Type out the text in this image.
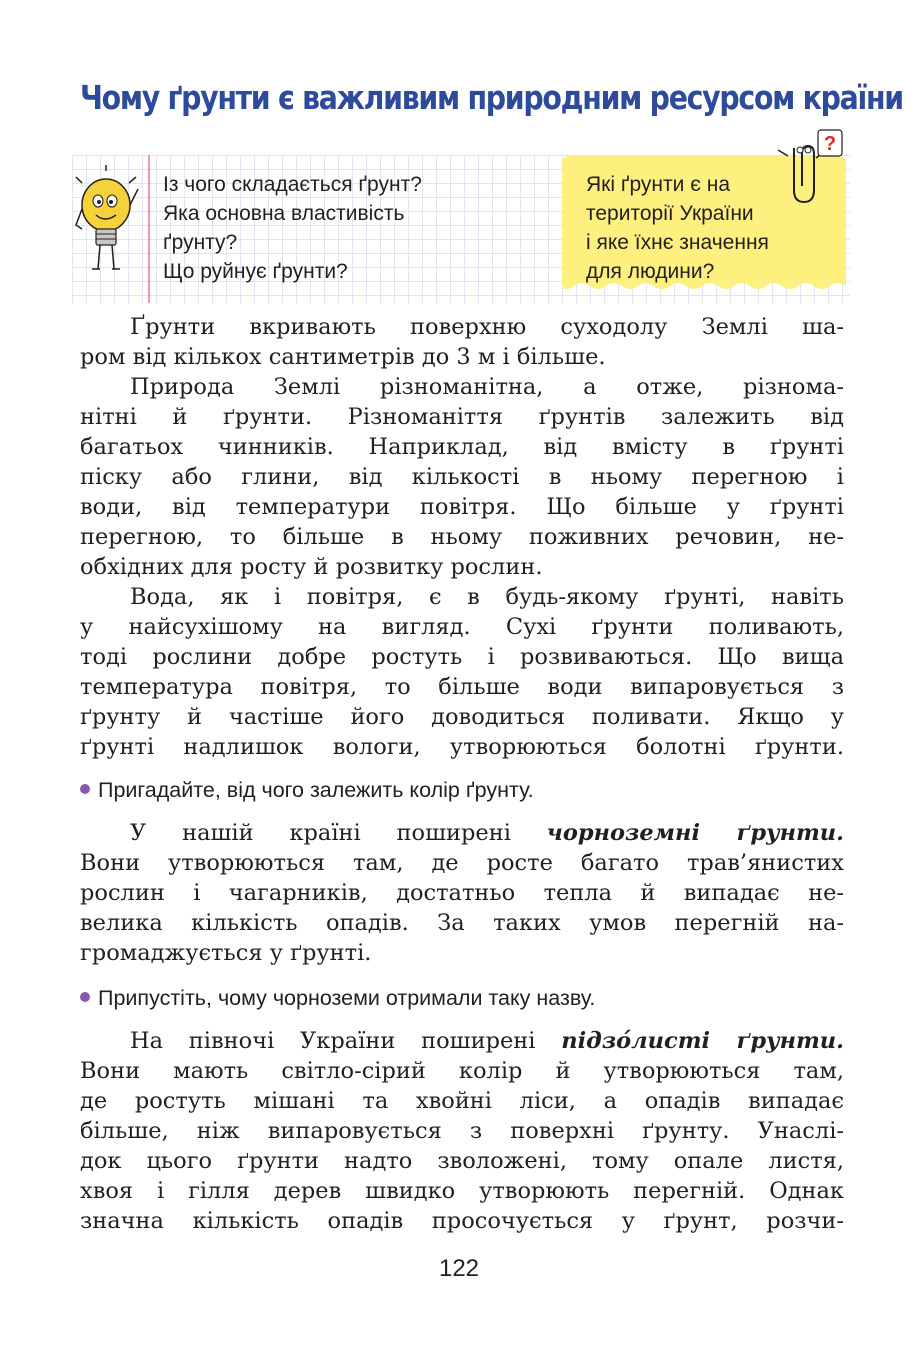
Чому ґрунти є важливим природним ресурсом країни
Із чого складається ґрунт?
Яка основна властивість
ґрунту?
Що руйнує ґрунти?
Які ґрунти є на
території України
і яке їхнє значення
для людини?
?
Ґрунти вкривають поверхню суходолу Землі ша-
ром від кількох сантиметрів до 3 м і більше.
Природа Землі різноманітна, а отже, різнома-
нітні й ґрунти. Різноманіття ґрунтів залежить від
багатьох чинників. Наприклад, від вмісту в ґрунті
піску або глини, від кількості в ньому перегною і
води, від температури повітря. Що більше у ґрунті
перегною, то більше в ньому поживних речовин, не-
обхідних для росту й розвитку рослин.
Вода, як і повітря, є в будь-якому ґрунті, навіть
у найсухішому на вигляд. Сухі ґрунти поливають,
тоді рослини добре ростуть і розвиваються. Що вища
температура повітря, то більше води випаровується з
ґрунту й частіше його доводиться поливати. Якщо у
ґрунті надлишок вологи, утворюються болотні ґрунти.
Пригадайте, від чого залежить колір ґрунту.
У нашій країні поширені чорноземні ґрунти.
Вони утворюються там, де росте багато трав’янистих
рослин і чагарників, достатньо тепла й випадає не-
велика кількість опадів. За таких умов перегній на-
громаджується у ґрунті.
Припустіть, чому чорноземи отримали таку назву.
На півночі України поширені підзо́листі ґрунти.
Вони мають світло-сірий колір й утворюються там,
де ростуть мішані та хвойні ліси, а опадів випадає
більше, ніж випаровується з поверхні ґрунту. Унаслі-
док цього ґрунти надто зволожені, тому опале листя,
хвоя і гілля дерев швидко утворюють перегній. Однак
значна кількість опадів просочується у ґрунт, розчи-
122
